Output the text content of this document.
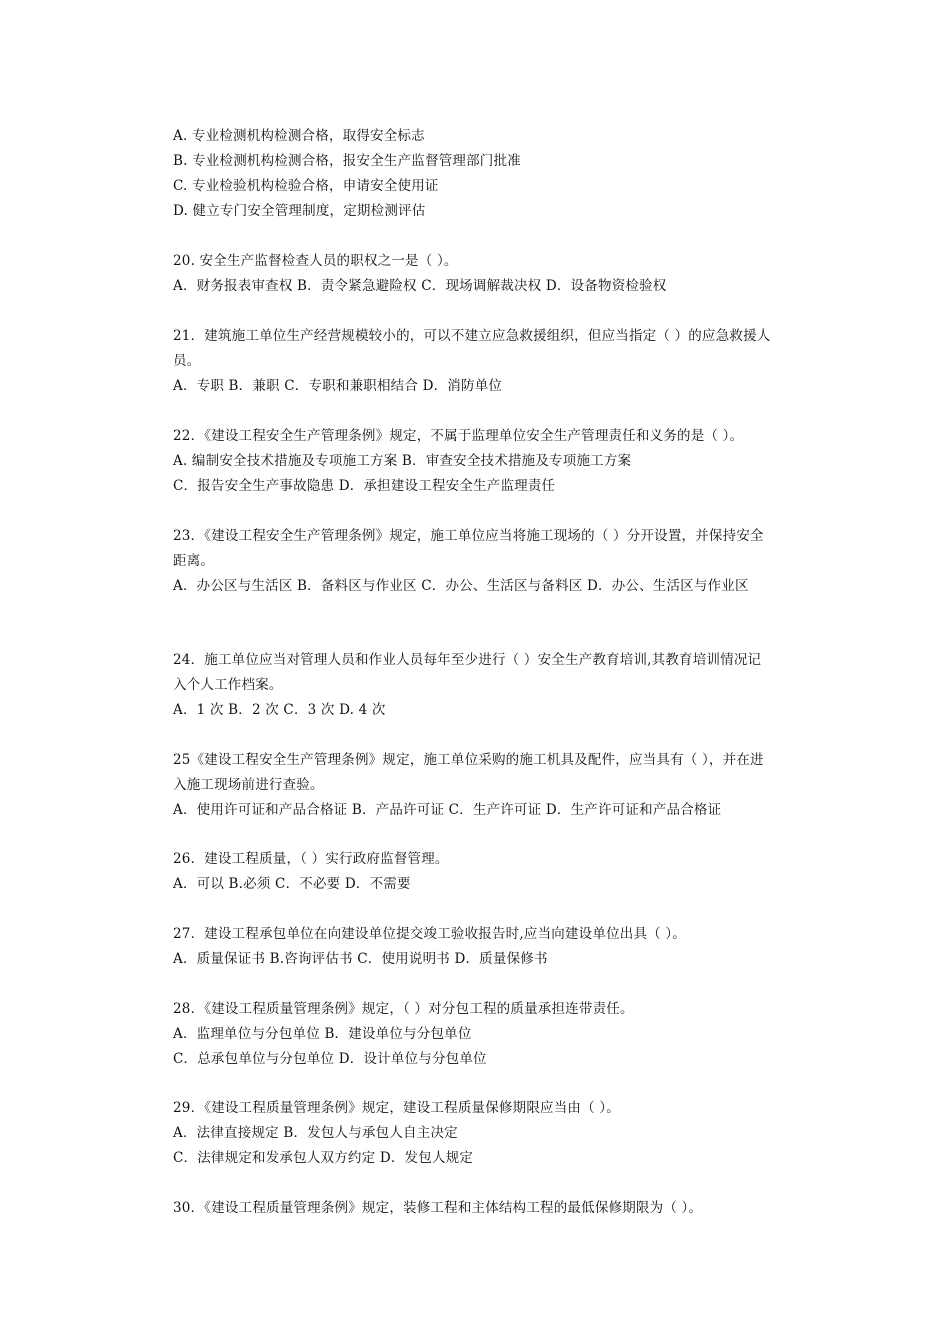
A. 专业检测机构检测合格，取得安全标志
B. 专业检测机构检测合格，报安全生产监督管理部门批准
C. 专业检验机构检验合格，申请安全使用证
D. 健立专门安全管理制度，定期检测评估
20. 安全生产监督检查人员的职权之一是（ ）。
A．财务报表审查权 B．责令紧急避险权 C．现场调解裁决权 D．设备物资检验权
21．建筑施工单位生产经营规模较小的，可以不建立应急救援组织，但应当指定（ ）的应急救援人
员。
A．专职 B．兼职 C．专职和兼职相结合 D．消防单位
22．《建设工程安全生产管理条例》规定，不属于监理单位安全生产管理责任和义务的是（ ）。
A. 编制安全技术措施及专项施工方案 B．审查安全技术措施及专项施工方案
C．报告安全生产事故隐患 D．承担建设工程安全生产监理责任
23．《建设工程安全生产管理条例》规定，施工单位应当将施工现场的（ ）分开设置，并保持安全
距离。
A．办公区与生活区 B．备料区与作业区 C．办公、生活区与备料区 D．办公、生活区与作业区
24．施工单位应当对管理人员和作业人员每年至少进行（ ）安全生产教育培训,其教育培训情况记
入个人工作档案。
A．1 次 B．2 次 C．3 次 D. 4 次
25《建设工程安全生产管理条例》规定，施工单位采购的施工机具及配件，应当具有（ ），并在进
入施工现场前进行查验。
A．使用许可证和产品合格证 B．产品许可证 C．生产许可证 D．生产许可证和产品合格证
26．建设工程质量，（ ）实行政府监督管理。
A．可以 B.必须 C．不必要 D．不需要
27．建设工程承包单位在向建设单位提交竣工验收报告时,应当向建设单位出具（ ）。
A．质量保证书 B.咨询评估书 C．使用说明书 D．质量保修书
28．《建设工程质量管理条例》规定，（ ）对分包工程的质量承担连带责任。
A．监理单位与分包单位 B．建设单位与分包单位
C．总承包单位与分包单位 D．设计单位与分包单位
29．《建设工程质量管理条例》规定，建设工程质量保修期限应当由（ ）。
A．法律直接规定 B．发包人与承包人自主决定
C．法律规定和发承包人双方约定 D．发包人规定
30．《建设工程质量管理条例》规定，装修工程和主体结构工程的最低保修期限为（ ）。
